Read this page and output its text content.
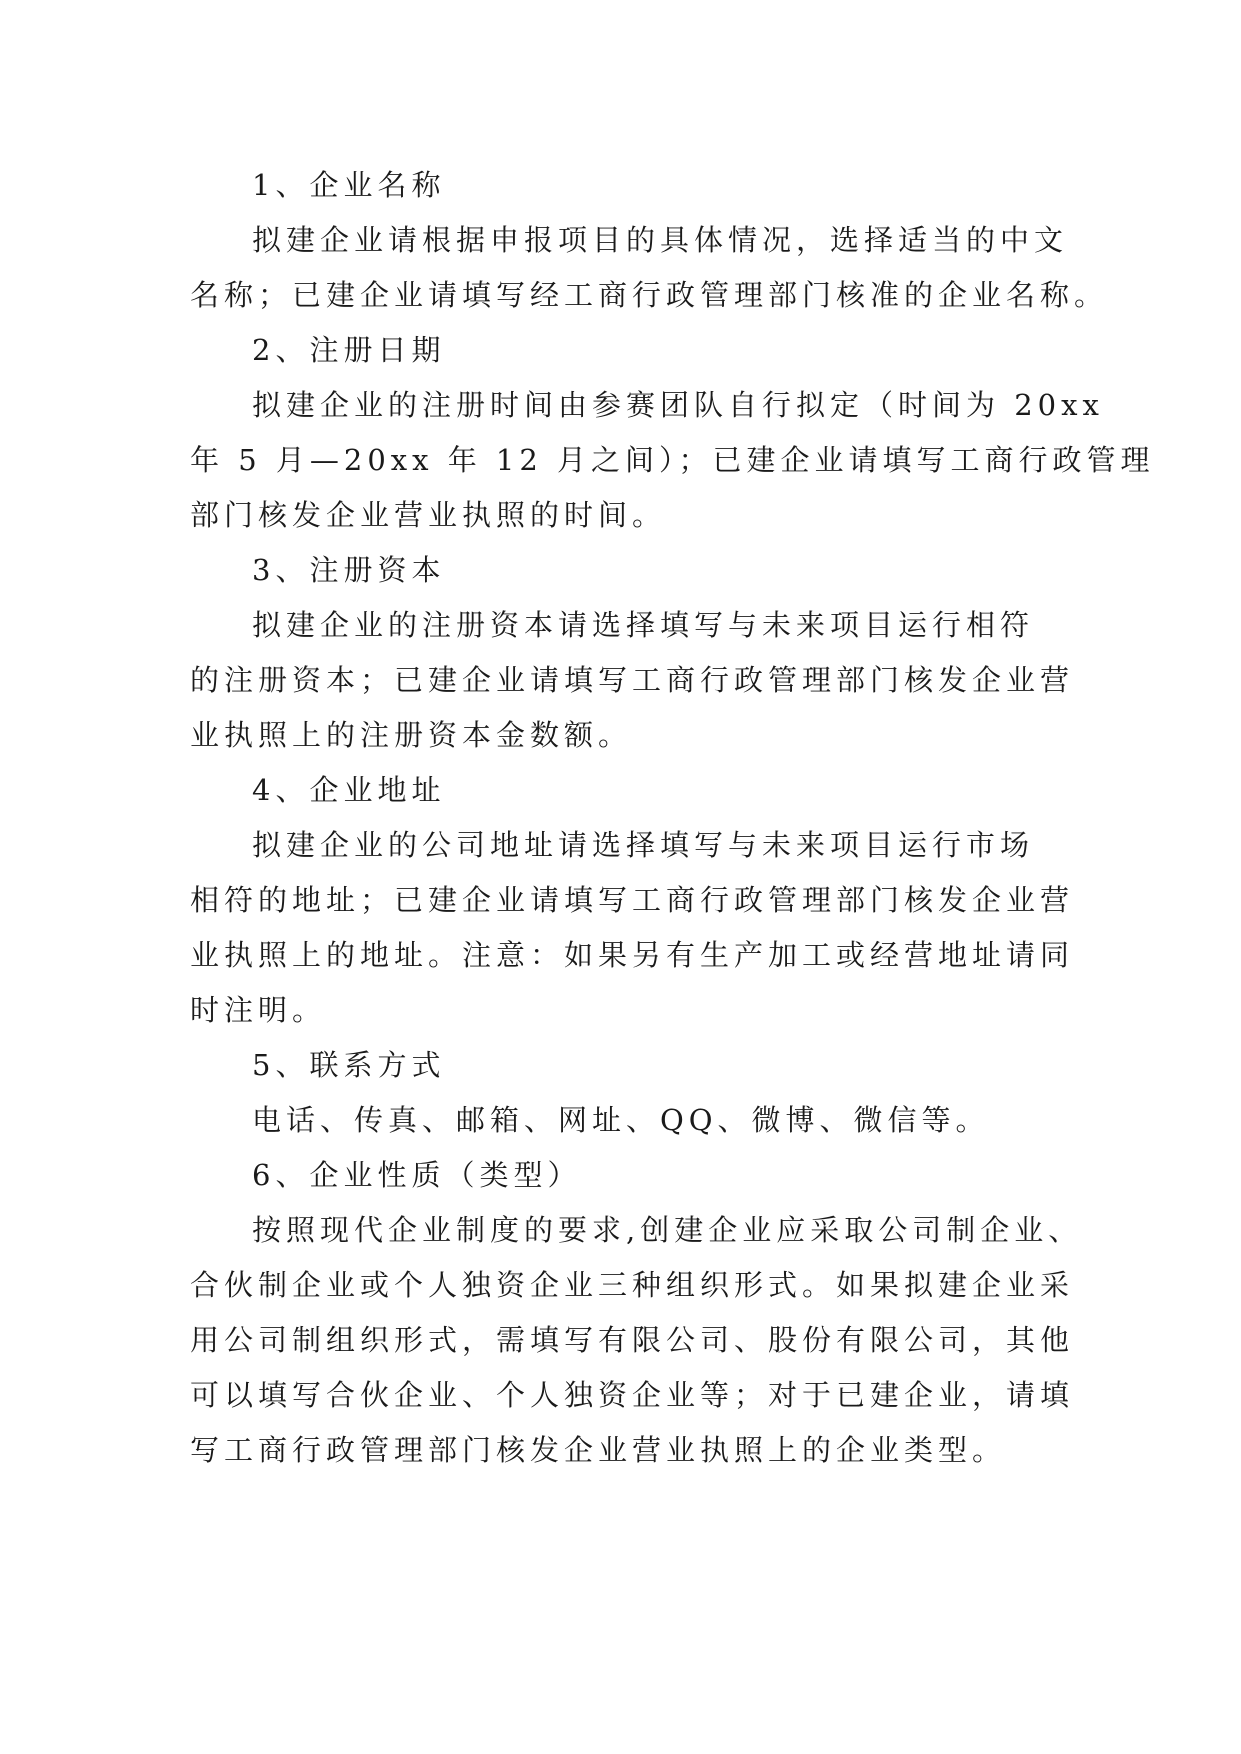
1、企业名称

拟建企业请根据申报项目的具体情况，选择适当的中文
名称；已建企业请填写经工商行政管理部门核准的企业名称。

2、注册日期

拟建企业的注册时间由参赛团队自行拟定（时间为 20xx
年 5 月—20xx 年 12 月之间）；已建企业请填写工商行政管理
部门核发企业营业执照的时间。

3、注册资本

拟建企业的注册资本请选择填写与未来项目运行相符
的注册资本；已建企业请填写工商行政管理部门核发企业营
业执照上的注册资本金数额。

4、企业地址

拟建企业的公司地址请选择填写与未来项目运行市场
相符的地址；已建企业请填写工商行政管理部门核发企业营
业执照上的地址。注意：如果另有生产加工或经营地址请同
时注明。

5、联系方式

电话、传真、邮箱、网址、QQ、微博、微信等。

6、企业性质（类型）

按照现代企业制度的要求,创建企业应采取公司制企业、
合伙制企业或个人独资企业三种组织形式。如果拟建企业采
用公司制组织形式，需填写有限公司、股份有限公司，其他
可以填写合伙企业、个人独资企业等；对于已建企业，请填
写工商行政管理部门核发企业营业执照上的企业类型。
